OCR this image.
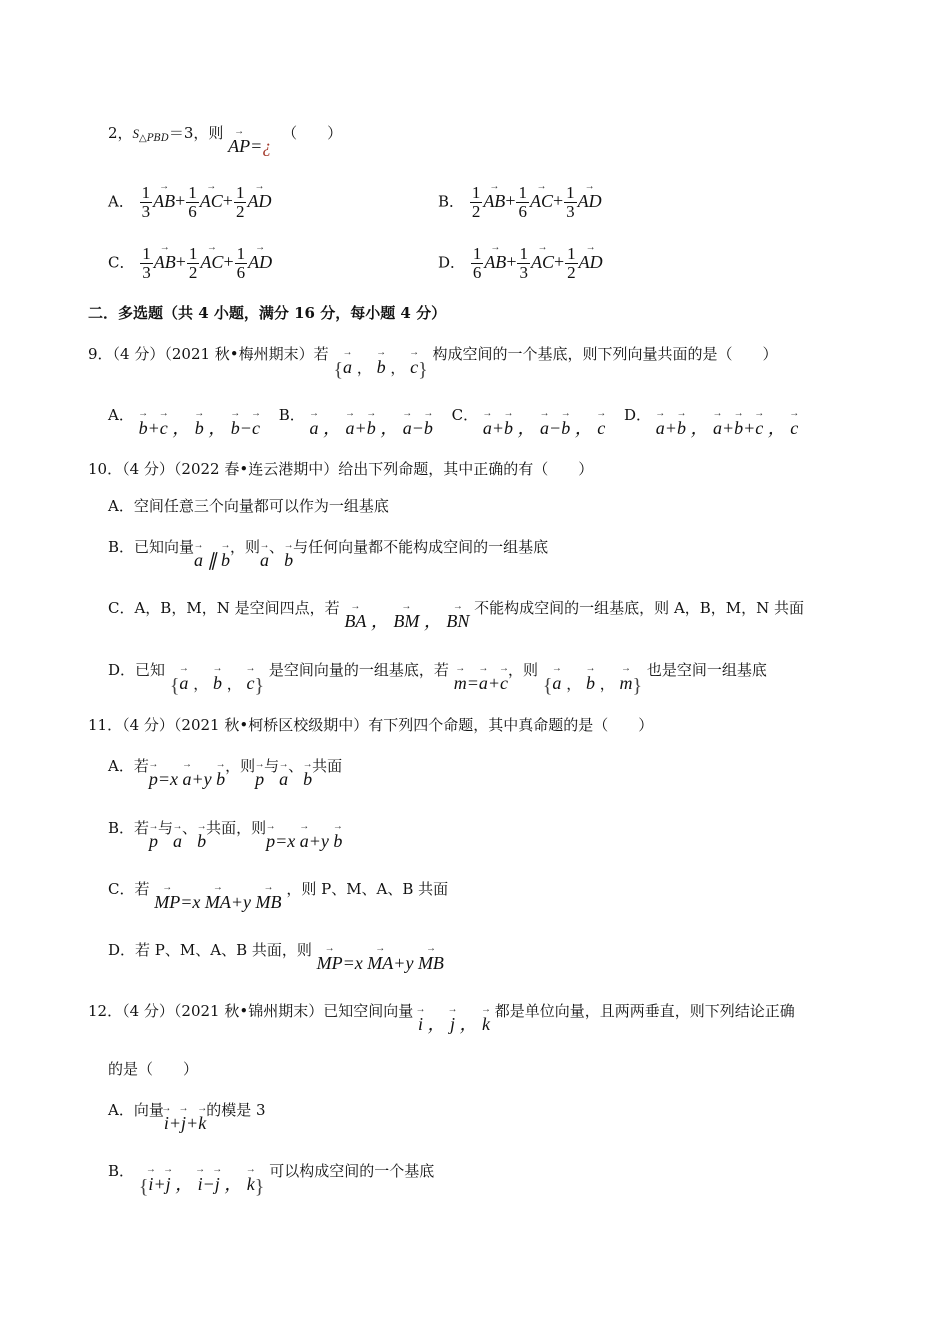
2，$S_{\triangle PBD}=3$，则 → AP=¿ （　　）
A． $\frac{1}{3}$
→ $AB+ \frac{1}{6}$
→ $AC+ \frac{1}{2}$
→ AD	B． $\frac{1}{2}$
→ $AB+ \frac{1}{6}$
→ $AC+ \frac{1}{3}$
→ AD
C． $\frac{1}{3}$
→ $AB+ \frac{1}{2}$
→ $AC+ \frac{1}{6}$
→ AD	D． $\frac{1}{6}$
→ $AB+ \frac{1}{3}$
→ $AC+ \frac{1}{2}$
→ AD
二．多选题（共 4 小题，满分 16 分，每小题 4 分）
9．（4 分）（2021 秋•梅州期末）若 {→ a ， → b ， → c} 构成空间的一个基底，则下列向量共面的是（　　）
A． → b+→ c ， → b ， → b−→ c B． → a ， → a+→ b ， → a−→ b C． → a+→ b ， → a−→ b ， → c D． → a+→ b ， → a+→ b+→ c ， → c
10．（4 分）（2022 春•连云港期中）给出下列命题，其中正确的有（　　）
A．空间任意三个向量都可以作为一组基底
B．已知向量→ a ∥ → b，则→ a、→ b与任何向量都不能构成空间的一组基底
C．A，B，M，N 是空间四点，若 → BA ， → BM ， → BN 不能构成空间的一组基底，则 A，B，M，N 共面
D．已知 {→ a ， → b ， → c} 是空间向量的一组基底，若 → m=→ a+→ c，则 {→ a ， → b ， → m} 也是空间一组基底
11．（4 分）（2021 秋•柯桥区校级期中）有下列四个命题，其中真命题的是（　　）
A．若→ p=x → a+y → b，则→ p与→ a、→ b共面
B．若→ p与→ a、→ b共面，则→ p=x → a+y → b
C．若 → MP=x → MA+y → MB ，则 P、M、A、B 共面
D．若 P、M、A、B 共面，则 → MP=x → MA+y → MB
12．（4 分）（2021 秋•锦州期末）已知空间向量 → i ， → j ， → k 都是单位向量，且两两垂直，则下列结论正确
的是（　　）
A．向量→ i+→ j+→ k的模是 3
B． {→ i+→ j ， → i−→ j ， → k} 可以构成空间的一个基底
